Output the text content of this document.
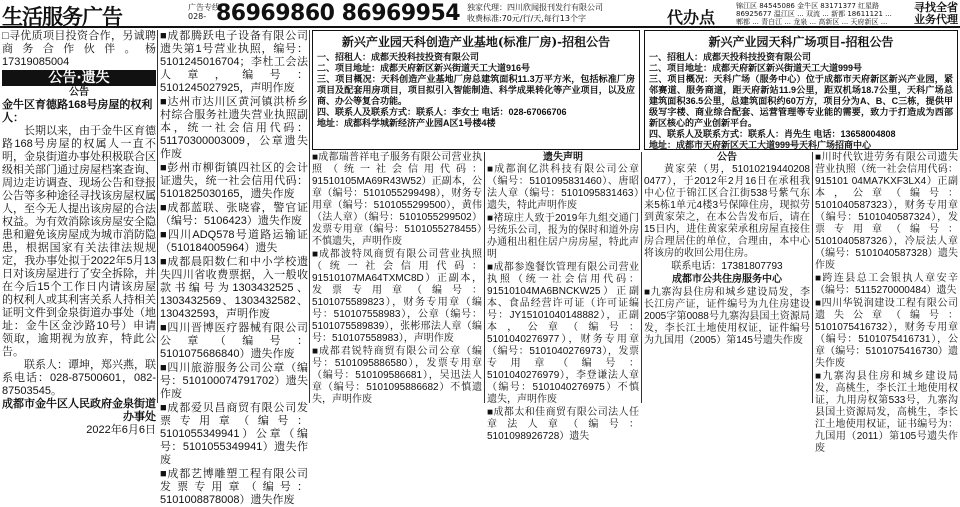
生活服务广告	广告专线
028- 86969860 86969954 独家代理：四川欣闻报刊发行有限公司
收费标准:70元/行/天,每行13个字	代办点
锦江区 84545086 金牛区 83171377 红星路 86925677 温江区 ... 双流 ... 新都 18611121 ... 郫都 ... 青白江 ... 龙泉 ... 高新区 ... 天府新区 ...
寻找全省业务代理
□寻优质项目投资合作，另诚聘商务合作伙伴。杨17319085004
公告·遗失
公告
金牛区育德路168号房屋的权利人：

长期以来，由于金牛区育德路168号房屋的权属人一直不明，金泉街道办事处积极联合区级相关部门通过房屋档案查询、周边走访调查、现场公告和登报公告等多种途径寻找该房屋权属人，至今无人提出该房屋的合法权益。为有效消除该房屋安全隐患和避免该房屋成为城市消防隐患，根据国家有关法律法规规定，我办事处拟于2022年5月13日对该房屋进行了安全拆除，并在今后15个工作日内请该房屋的权利人或其利害关系人持相关证明文件到金泉街道办事处（地址：金牛区金沙路10号）申请领取，逾期视为放弃，特此公告。

联系人：谭坤，郑兴燕，联系电话：028-87500601，082-87503545。

成都市金牛区人民政府金泉街道办事处
2022年6月6日
■成都腾跃电子设备有限公司遗失第1号营业执照，编号：5101245016704；李杜工会法人章，编号：5101245027925，声明作废
■达州市达川区黄河镇洪桥乡村综合服务社遗失营业执照副本，统一社会信用代码：51170300003009，公章遗失作废
■彭州市柳街镇四社区的会计证遗失，统一社会信用代码：5101825030165，遗失作废
■成都蓝联、张晓睿，警官证（编号：5106423）遗失作废
■四川ADQ578号道路运输证（510184005964）遗失
■成都晨阳数仁和中小学校遗失四川省收费票据，入一般收款书编号为1303432525、1303432569、1303432582、130432593，声明作废
■四川晋博医疗器械有限公司公章（编号：5101075686840）遗失作废
■四川旅游服务公司公章（编号：510100074791702）遗失作废
■成都爱贝昌商贸有限公司发票专用章（编号：5101055349941）公章（编号：5101055349941）遗失作废
■成都艺博雕塑工程有限公司发票专用章（编号：5101008878008）遗失作废
新兴产业园天科创造产业基地(标准厂房)-招租公告
一、招租人：成都天投科技投资有限公司
二、项目地址：成都天府新区新兴街道天工大道916号
三、项目概况：天科创造产业基地厂房总建筑面积11.3万平方米，包括标准厂房项目及配套用房项目，项目拟引入智能制造、科学成果转化等产业项目，以及应商、办公等复合功能。
四、联系人及联系方式：联系人：李女士 电话：028-67066706
地址：成都科学城新经济产业园A区1号楼4楼
新兴产业园天科广场项目-招租公告
一、招租人：成都天投科技投资有限公司
二、项目地址：成都天府新区新兴街道天工大道999号
三、项目概况：天科广场（服务中心）位于成都市天府新区新兴产业园，紧邻赛道、服务商道，距天府新站11.9公里，距双机场18.7公里，天科广场总建筑面积36.5公里，总建筑面积约60万方，项目分为A、B、C三栋，提供甲级写字楼、商业综合配套、运营管理等专业能的需要，致力于打造成为西部新区核心的产业创新平台。
四、联系人及联系方式：联系人：肖先生 电话：13658004808
地址：成都市天府新区天工大道999号天科广场招商中心
■成都瑞普祥电子服务有限公司营业执照（统一社会信用代码：91510105MA69R43W52）正副本，公章（编号：5101055299498），财务专用章（编号：5101055299500），黄伟（法人章）（编号：5101055299502）发票专用章（编号：5101055278455）不慎遗失，声明作废
■成都波特凤商贸有限公司营业执照（统一社会信用代码：91510107MA64TXMC8D）正副本，发票专用章（编号：5101075589823），财务专用章（编号：510107558983），公章（编号：5101075589839），张彬邢法人章（编号：510107558983），声明作废
■成都君锐特商贸有限公司公章（编号：5101095886580），发票专用章（编号：510109586681），吴迅法人章（编号：5101095886682）不慎遗失，声明作废
遗失声明
■成都润亿洪科技有限公司公章（编号：5101095831460）、唐昭法人章（编号：5101095831463）遗失，特此声明作废
■褚琼庄人致于2019年九组交通门号统乐公司，报为的保时和道外房办通租出租住居户房房屋，特此声明
■成都参逸餐饮管理有限公司营业执照（统一社会信用代码：91510104MA6BNCKW25）正副本、食品经营许可证（许可证编号：JY15101040148882），正副本，公章（编号：5101040276977），财务专用章（编号：5101040276973），发票专用章（编号：5101040276979），李登谦法人章（编号：5101040276975）不慎遗失，声明作废
■成都太和佳商贸有限公司法人任章法人章（编号：5101098926728）遗失
公告
黄家荣（男，51010219440208 0477），于2012年2月16日在承租我中心位于锦江区合江街538号紫气东来5栋1单元4楼3号保障住房，现拟劳到黄家荣之，在本公告发布后，请在15日内，进住黄家荣承租房屋直接住房合理居住的单位，合理由，本中心将该房的收回公用住房。
联系电话：17381807793
成都市公共住房服务中心
■九寨沟县住房和城乡建设局发，李长江房产证，证件编号为九住房建设2005字第0088号九寨沟县国土资源局发，李长江土地使用权证，证件编号为九国用（2005）第145号遗失作废
■川时代钦进劳务有限公司遗失营业执照（统一社会信用代码：915101 04MA7KXF3LX4）正副本，公章（编号：5101040587323），财务专用章（编号：5101040587324），发票专用章（编号：5101040587326），冷辰法人章（编号：5101040587328）遗失作废
■跨连县总工会银执人章安辛（编号：5115270000484）遗失
■四川华锐润建设工程有限公司遗失公章（编号：5101075416732），财务专用章（编号：5101075416731），公章（编号：5101075416730）遗失作废
■九寨沟县住房和城乡建设局发，高桃生，李长江土地使用权证，九用房权第533号，九寨沟县国土资源局发，高桃生，李长江土地使用权证，证书编号为：九国用（2011）第105号遗失作废
